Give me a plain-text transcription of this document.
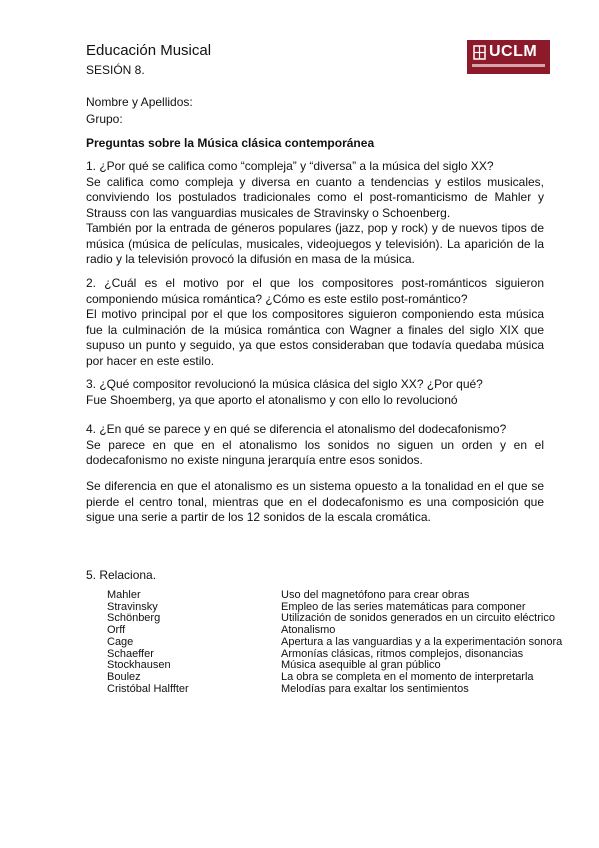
Educación Musical
SESIÓN 8.
UCLM
Nombre y Apellidos:
Grupo:
Preguntas sobre la Música clásica contemporánea

1. ¿Por qué se califica como “compleja” y “diversa” a la música del siglo XX?

Se califica como compleja y diversa en cuanto a tendencias y estilos musicales, conviviendo los postulados tradicionales como el post-romanticismo de Mahler y Strauss con las vanguardias musicales de Stravinsky o Schoenberg.

También por la entrada de géneros populares (jazz, pop y rock) y de nuevos tipos de música (música de películas, musicales, videojuegos y televisión). La aparición de la radio y la televisión provocó la difusión en masa de la música.

2. ¿Cuál es el motivo por el que los compositores post-románticos siguieron componiendo música romántica? ¿Cómo es este estilo post-romántico?

El motivo principal por el que los compositores siguieron componiendo esta música fue la culminación de la música romántica con Wagner a finales del siglo XIX que supuso un punto y seguido, ya que estos consideraban que todavía quedaba música por hacer en este estilo.

3. ¿Qué compositor revolucionó la música clásica del siglo XX? ¿Por qué?

Fue Shoemberg, ya que aporto el atonalismo y con ello lo revolucionó

4. ¿En qué se parece y en qué se diferencia el atonalismo del dodecafonismo?

Se parece en que en el atonalismo los sonidos no siguen un orden y en el dodecafonismo no existe ninguna jerarquía entre esos sonidos.

Se diferencia en que el atonalismo es un sistema opuesto a la tonalidad en el que se pierde el centro tonal, mientras que en el dodecafonismo es una composición que sigue una serie a partir de los 12 sonidos de la escala cromática.

5. Relaciona.
Mahler	Uso del magnetófono para crear obras
Stravinsky	Empleo de las series matemáticas para componer
Schönberg	Utilización de sonidos generados en un circuito eléctrico
Orff	Atonalismo
Cage	Apertura a las vanguardias y a la experimentación sonora
Schaeffer	Armonías clásicas, ritmos complejos, disonancias
Stockhausen	Música asequible al gran público
Boulez	La obra se completa en el momento de interpretarla
Cristóbal Halffter	Melodías para exaltar los sentimientos
